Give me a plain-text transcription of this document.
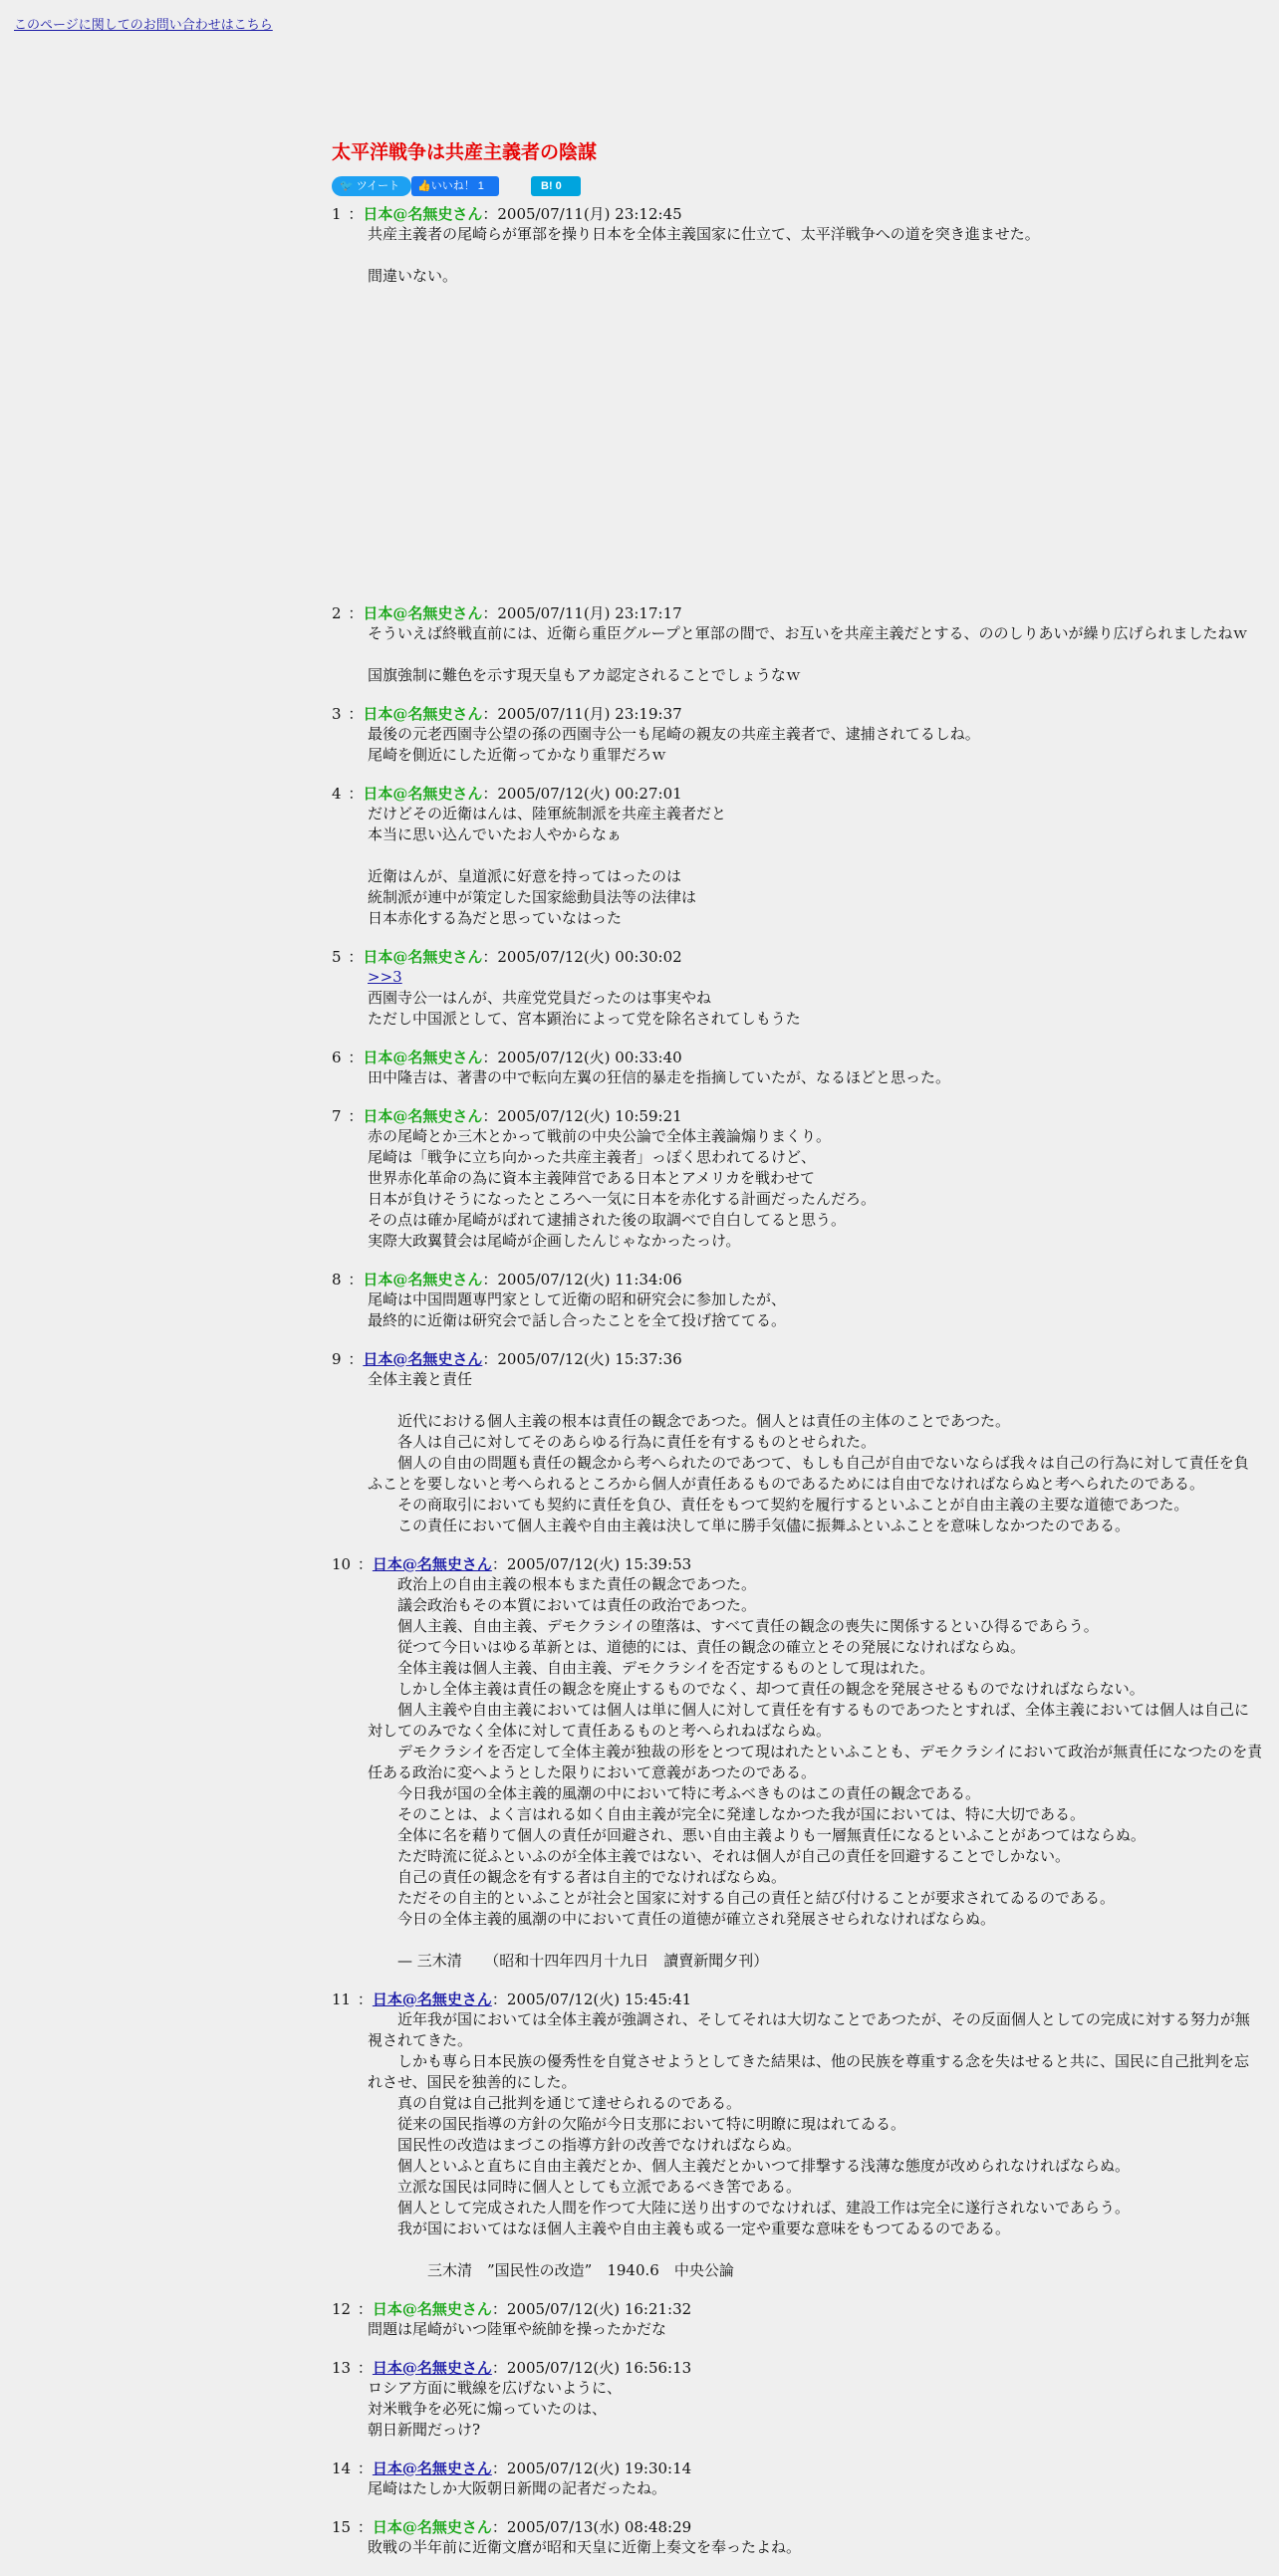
このページに関してのお問い合わせはこちら
太平洋戦争は共産主義者の陰謀
🐦 ツイート	👍いいね！ 1	B! 0
1 ：日本@名無史さん：2005/07/11(月) 23:12:45
共産主義者の尾崎らが軍部を操り日本を全体主義国家に仕立て、太平洋戦争への道を突き進ませた。
間違いない。
2 ：日本@名無史さん：2005/07/11(月) 23:17:17
そういえば終戦直前には、近衛ら重臣グループと軍部の間で、お互いを共産主義だとする、ののしりあいが繰り広げられましたねｗ
国旗強制に難色を示す現天皇もアカ認定されることでしょうなｗ
3 ：日本@名無史さん：2005/07/11(月) 23:19:37
最後の元老西園寺公望の孫の西園寺公一も尾崎の親友の共産主義者で、逮捕されてるしね。
尾崎を側近にした近衛ってかなり重罪だろｗ
4 ：日本@名無史さん：2005/07/12(火) 00:27:01
だけどその近衛はんは、陸軍統制派を共産主義者だと
本当に思い込んでいたお人やからなぁ
近衛はんが、皇道派に好意を持ってはったのは
統制派が連中が策定した国家総動員法等の法律は
日本赤化する為だと思っていなはった
5 ：日本@名無史さん：2005/07/12(火) 00:30:02
>>3
西園寺公一はんが、共産党党員だったのは事実やね
ただし中国派として、宮本顕治によって党を除名されてしもうた
6 ：日本@名無史さん：2005/07/12(火) 00:33:40
田中隆吉は、著書の中で転向左翼の狂信的暴走を指摘していたが、なるほどと思った。
7 ：日本@名無史さん：2005/07/12(火) 10:59:21
赤の尾崎とか三木とかって戦前の中央公論で全体主義論煽りまくり。
尾崎は「戦争に立ち向かった共産主義者」っぽく思われてるけど、
世界赤化革命の為に資本主義陣営である日本とアメリカを戦わせて
日本が負けそうになったところへ一気に日本を赤化する計画だったんだろ。
その点は確か尾崎がばれて逮捕された後の取調べで自白してると思う。
実際大政翼賛会は尾崎が企画したんじゃなかったっけ。
8 ：日本@名無史さん：2005/07/12(火) 11:34:06
尾崎は中国問題専門家として近衛の昭和研究会に参加したが、
最終的に近衛は研究会で話し合ったことを全て投げ捨ててる。
9 ：日本@名無史さん：2005/07/12(火) 15:37:36
全体主義と責任
　　近代における個人主義の根本は責任の観念であつた。個人とは責任の主体のことであつた。
　　各人は自己に対してそのあらゆる行為に責任を有するものとせられた。
　　個人の自由の問題も責任の観念から考へられたのであつて、もしも自己が自由でないならば我々は自己の行為に対して責任を負ふことを要しないと考へられるところから個人が責任あるものであるためには自由でなければならぬと考へられたのである。
　　その商取引においても契約に責任を負ひ、責任をもつて契約を履行するといふことが自由主義の主要な道徳であつた。
　　この責任において個人主義や自由主義は決して単に勝手気儘に振舞ふといふことを意味しなかつたのである。
10 ：日本@名無史さん：2005/07/12(火) 15:39:53
　　政治上の自由主義の根本もまた責任の観念であつた。
　　議会政治もその本質においては責任の政治であつた。
　　個人主義、自由主義、デモクラシイの堕落は、すべて責任の観念の喪失に関係するといひ得るであらう。
　　従つて今日いはゆる革新とは、道徳的には、責任の観念の確立とその発展になければならぬ。
　　全体主義は個人主義、自由主義、デモクラシイを否定するものとして現はれた。
　　しかし全体主義は責任の観念を廃止するものでなく、却つて責任の観念を発展させるものでなければならない。
　　個人主義や自由主義においては個人は単に個人に対して責任を有するものであつたとすれば、全体主義においては個人は自己に対してのみでなく全体に対して責任あるものと考へられねばならぬ。
　　デモクラシイを否定して全体主義が独裁の形をとつて現はれたといふことも、デモクラシイにおいて政治が無責任になつたのを責任ある政治に変へようとした限りにおいて意義があつたのである。
　　今日我が国の全体主義的風潮の中において特に考ふべきものはこの責任の観念である。
　　そのことは、よく言はれる如く自由主義が完全に発達しなかつた我が国においては、特に大切である。
　　全体に名を藉りて個人の責任が回避され、悪い自由主義よりも一層無責任になるといふことがあつてはならぬ。
　　ただ時流に従ふといふのが全体主義ではない、それは個人が自己の責任を回避することでしかない。
　　自己の責任の観念を有する者は自主的でなければならぬ。
　　ただその自主的といふことが社会と国家に対する自己の責任と結び付けることが要求されてゐるのである。
　　今日の全体主義的風潮の中において責任の道徳が確立され発展させられなければならぬ。
　　— 三木清　　（昭和十四年四月十九日　讀賣新聞夕刊）
11 ：日本@名無史さん：2005/07/12(火) 15:45:41
　　近年我が国においては全体主義が強調され、そしてそれは大切なことであつたが、その反面個人としての完成に対する努力が無視されてきた。
　　しかも専ら日本民族の優秀性を自覚させようとしてきた結果は、他の民族を尊重する念を失はせると共に、国民に自己批判を忘れさせ、国民を独善的にした。
　　真の自覚は自己批判を通じて達せられるのである。
　　従来の国民指導の方針の欠陥が今日支那において特に明瞭に現はれてゐる。
　　国民性の改造はまづこの指導方針の改善でなければならぬ。
　　個人といふと直ちに自由主義だとか、個人主義だとかいつて排撃する浅薄な態度が改められなければならぬ。
　　立派な国民は同時に個人としても立派であるべき筈である。
　　個人として完成された人間を作つて大陸に送り出すのでなければ、建設工作は完全に遂行されないであらう。
　　我が国においてはなほ個人主義や自由主義も或る一定や重要な意味をもつてゐるのである。
　　　　三木清　”国民性の改造”　1940.6　中央公論
12 ：日本@名無史さん：2005/07/12(火) 16:21:32
問題は尾崎がいつ陸軍や統帥を操ったかだな
13 ：日本@名無史さん：2005/07/12(火) 16:56:13
ロシア方面に戦線を広げないように、
対米戦争を必死に煽っていたのは、
朝日新聞だっけ?
14 ：日本@名無史さん：2005/07/12(火) 19:30:14
尾崎はたしか大阪朝日新聞の記者だったね。
15 ：日本@名無史さん：2005/07/13(水) 08:48:29
敗戦の半年前に近衛文麿が昭和天皇に近衛上奏文を奉ったよね。
